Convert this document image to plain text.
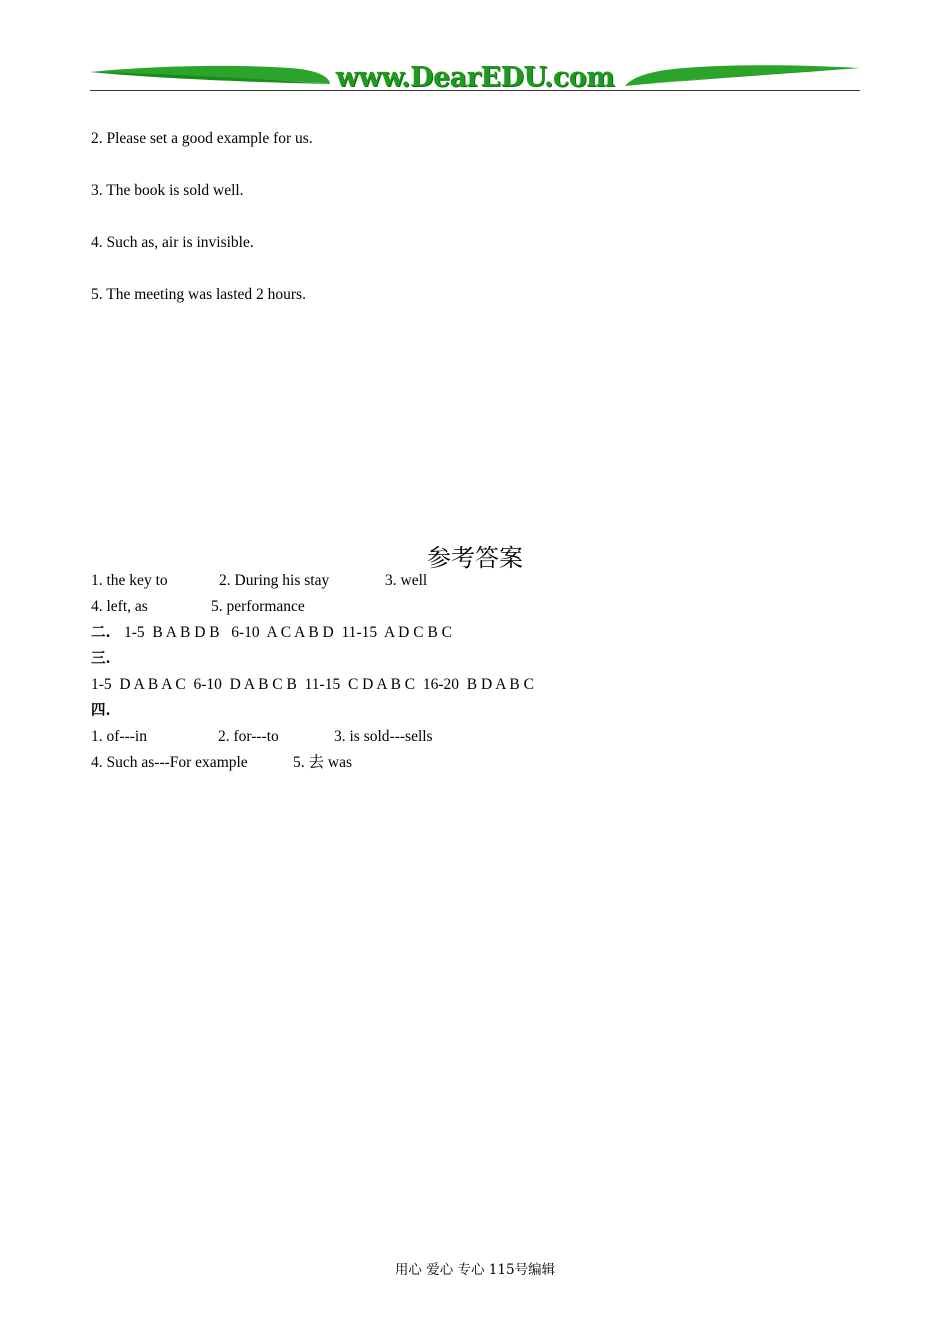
www.DearEDU.com
2. Please set a good example for us.
3. The book is sold well.
4. Such as, air is invisible.
5. The meeting was lasted 2 hours.
参考答案
1. the key to	2. During his stay	3. well
4. left, as	5. performance
二. 1-5  B A B D B   6-10  A C A B D  11-15  A D C B C
三.
1-5  D A B A C  6-10  D A B C B  11-15  C D A B C  16-20  B D A B C
四.
1. of---in	2. for---to	3. is sold---sells
4. Such as---For example	5. 去 was
用心 爱心 专心 115号编辑
